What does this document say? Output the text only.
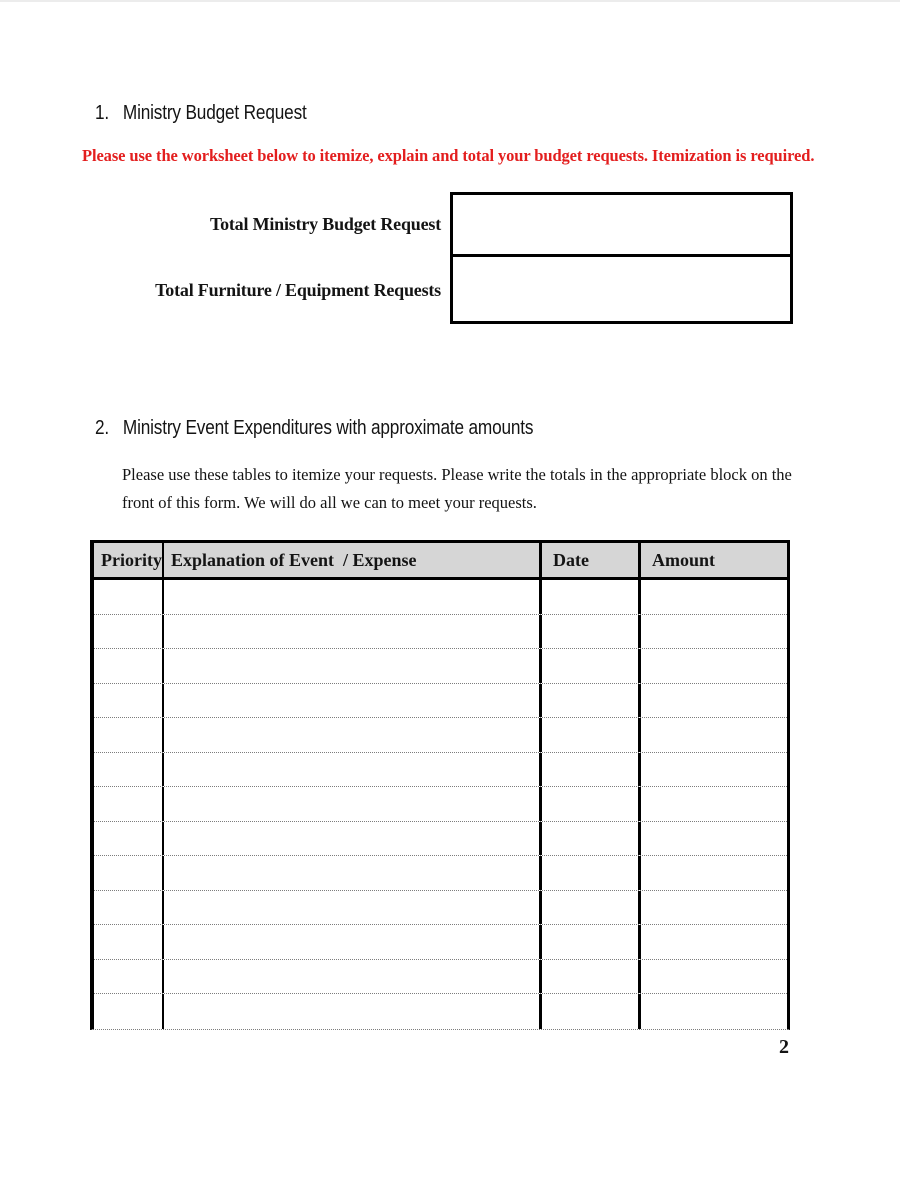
1. Ministry Budget Request

Please use the worksheet below to itemize, explain and total your budget requests. Itemization is required.

Total Ministry Budget Request
Total Furniture / Equipment Requests
2. Ministry Event Expenditures with approximate amounts

Please use these tables to itemize your requests. Please write the totals in the appropriate block on the front of this form. We will do all we can to meet your requests.

Priority Explanation of Event  / Expense	Date	Amount
2
